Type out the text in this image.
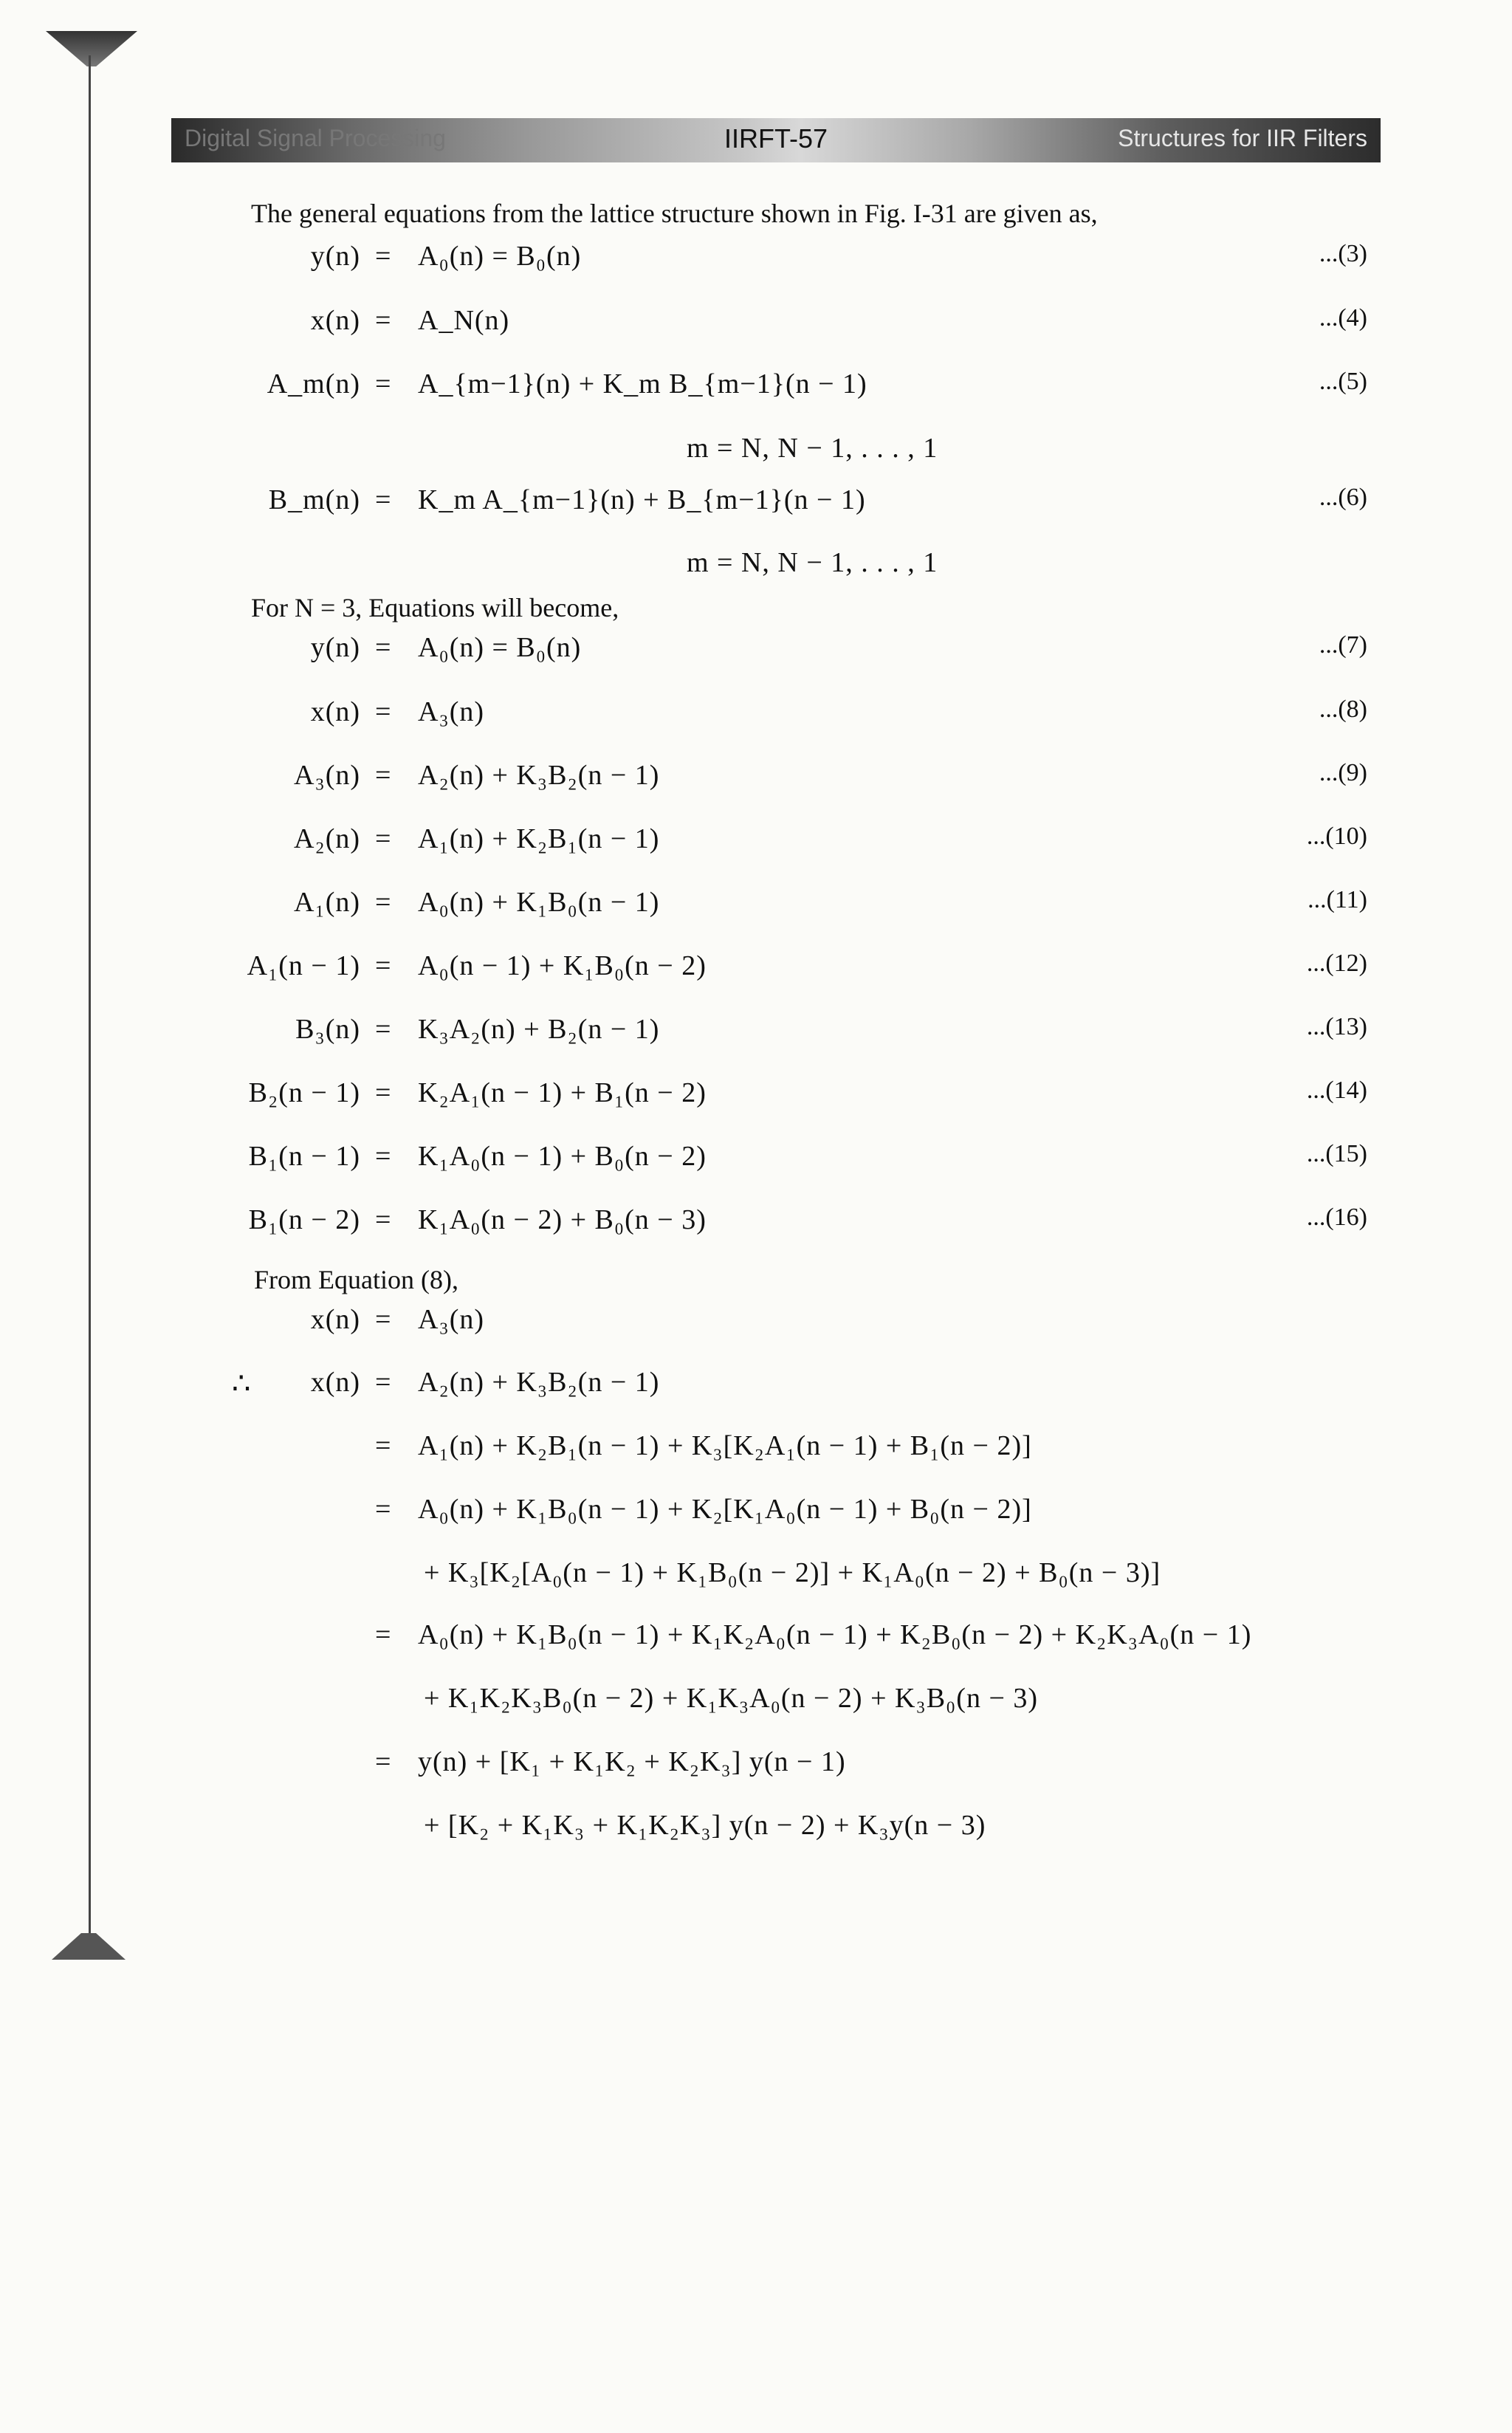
Digital Signal Processing	IIRFT-57	Structures for IIR Filters
The general equations from the lattice structure shown in Fig. I-31 are given as,
y(n) = A₀(n) = B₀(n)	...(3)
x(n) = A_N(n)	...(4)
A_m(n) = A_{m−1}(n) + K_m B_{m−1}(n − 1)	...(5)
m = N, N − 1, . . . , 1
B_m(n) = K_m A_{m−1}(n) + B_{m−1}(n − 1)	...(6)
m = N, N − 1, . . . , 1
For N = 3, Equations will become,
y(n) = A₀(n) = B₀(n)	...(7)
x(n) = A₃(n)	...(8)
A₃(n) = A₂(n) + K₃B₂(n − 1)	...(9)
A₂(n) = A₁(n) + K₂B₁(n − 1)	...(10)
A₁(n) = A₀(n) + K₁B₀(n − 1)	...(11)
A₁(n − 1) = A₀(n − 1) + K₁B₀(n − 2)	...(12)
B₃(n) = K₃A₂(n) + B₂(n − 1)	...(13)
B₂(n − 1) = K₂A₁(n − 1) + B₁(n − 2)	...(14)
B₁(n − 1) = K₁A₀(n − 1) + B₀(n − 2)	...(15)
B₁(n − 2) = K₁A₀(n − 2) + B₀(n − 3)	...(16)
From Equation (8),
x(n) = A₃(n)
∴ x(n) = A₂(n) + K₃B₂(n − 1)
= A₁(n) + K₂B₁(n − 1) + K₃[K₂A₁(n − 1) + B₁(n − 2)]
= A₀(n) + K₁B₀(n − 1) + K₂[K₁A₀(n − 1) + B₀(n − 2)]
+ K₃[K₂[A₀(n − 1) + K₁B₀(n − 2)] + K₁A₀(n − 2) + B₀(n − 3)]
= A₀(n) + K₁B₀(n − 1) + K₁K₂A₀(n − 1) + K₂B₀(n − 2) + K₂K₃A₀(n − 1)
+ K₁K₂K₃B₀(n − 2) + K₁K₃A₀(n − 2) + K₃B₀(n − 3)
= y(n) + [K₁ + K₁K₂ + K₂K₃] y(n − 1)
+ [K₂ + K₁K₃ + K₁K₂K₃] y(n − 2) + K₃y(n − 3)
